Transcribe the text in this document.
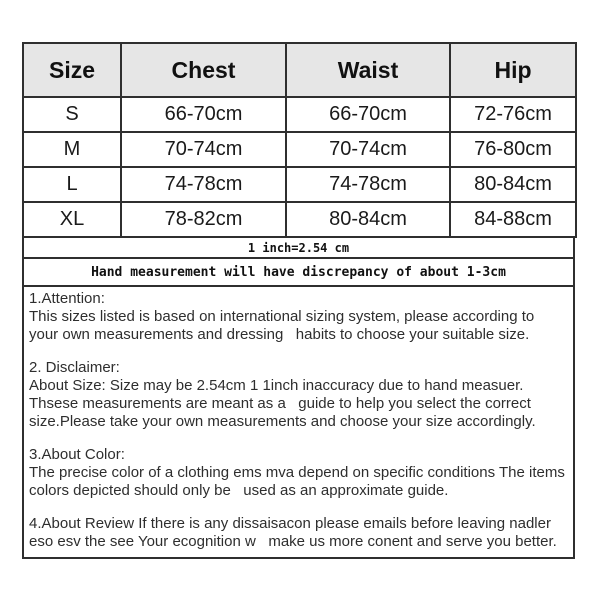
Size	Chest	Waist	Hip
S	66-70cm	66-70cm	72-76cm
M	70-74cm	70-74cm	76-80cm
L	74-78cm	74-78cm	80-84cm
XL	78-82cm	80-84cm	84-88cm
1 inch=2.54 cm
Hand measurement will have discrepancy of about 1-3cm
1.Attention:
This sizes listed is based on international sizing system, please according to your own measurements and dressing   habits to choose your suitable size.
2. Disclaimer:
About Size: Size may be 2.54cm 1 1inch inaccuracy due to hand measuer. Thsese measurements are meant as a   guide to help you select the correct size.Please take your own measurements and choose your size accordingly.
3.About Color:
The precise color of a clothing ems mva depend on specific conditions The items colors depicted should only be   used as an approximate guide.
4.About Review If there is any dissaisacon please emails before leaving nadler eso esv the see Your ecognition w   make us more conent and serve you better.
